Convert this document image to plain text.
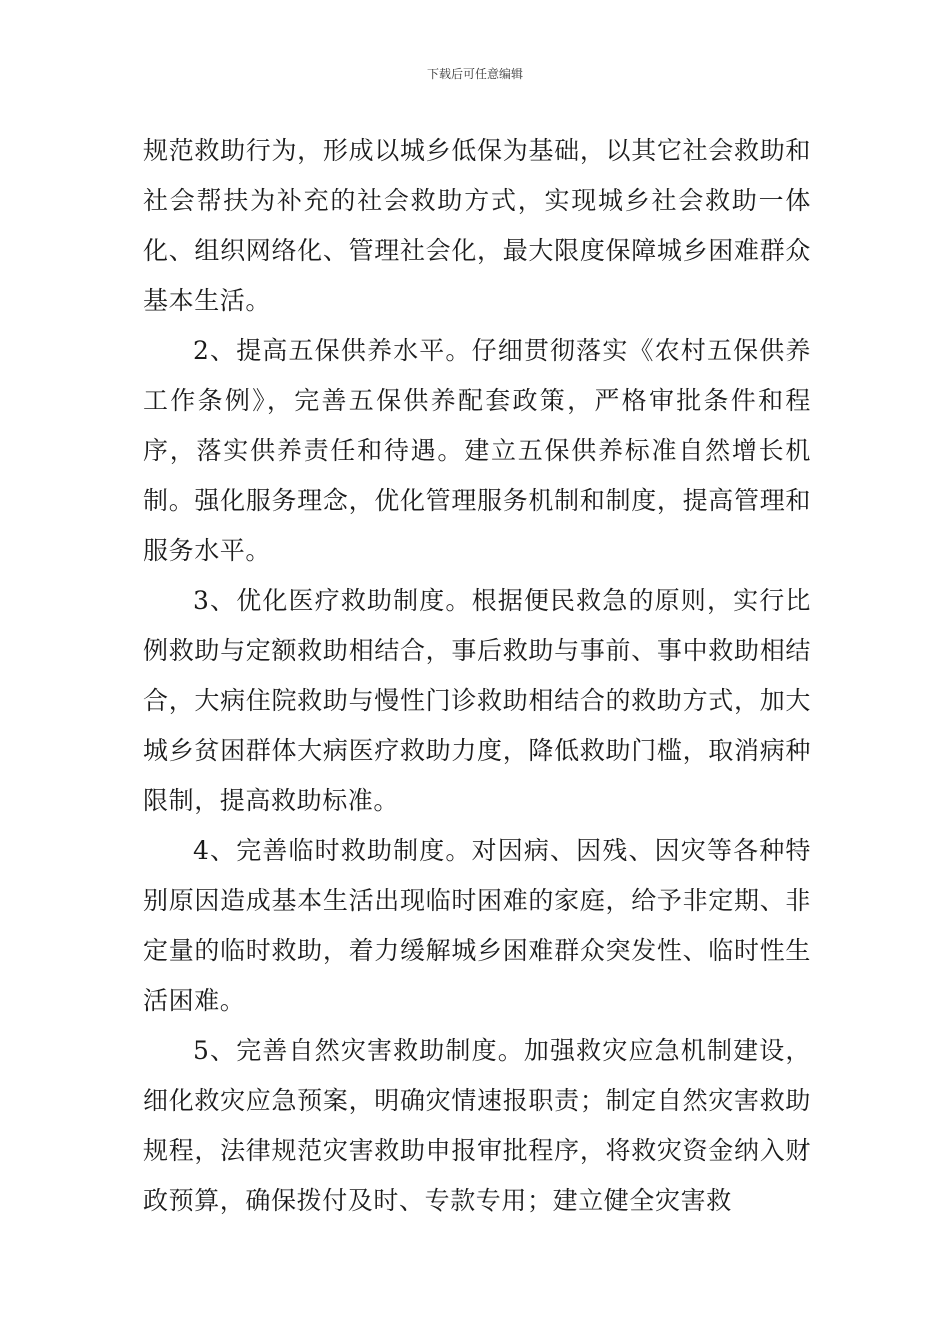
下载后可任意编辑

规范救助行为，形成以城乡低保为基础，以其它社会救助和社会帮扶为补充的社会救助方式，实现城乡社会救助一体化、组织网络化、管理社会化，最大限度保障城乡困难群众基本生活。

2、提高五保供养水平。仔细贯彻落实《农村五保供养工作条例》，完善五保供养配套政策，严格审批条件和程序，落实供养责任和待遇。建立五保供养标准自然增长机制。强化服务理念，优化管理服务机制和制度，提高管理和服务水平。

3、优化医疗救助制度。根据便民救急的原则，实行比例救助与定额救助相结合，事后救助与事前、事中救助相结合，大病住院救助与慢性门诊救助相结合的救助方式，加大城乡贫困群体大病医疗救助力度，降低救助门槛，取消病种限制，提高救助标准。

4、完善临时救助制度。对因病、因残、因灾等各种特别原因造成基本生活出现临时困难的家庭，给予非定期、非定量的临时救助，着力缓解城乡困难群众突发性、临时性生活困难。

5、完善自然灾害救助制度。加强救灾应急机制建设，细化救灾应急预案，明确灾情速报职责；制定自然灾害救助规程，法律规范灾害救助申报审批程序，将救灾资金纳入财政预算，确保拨付及时、专款专用；建立健全灾害救
